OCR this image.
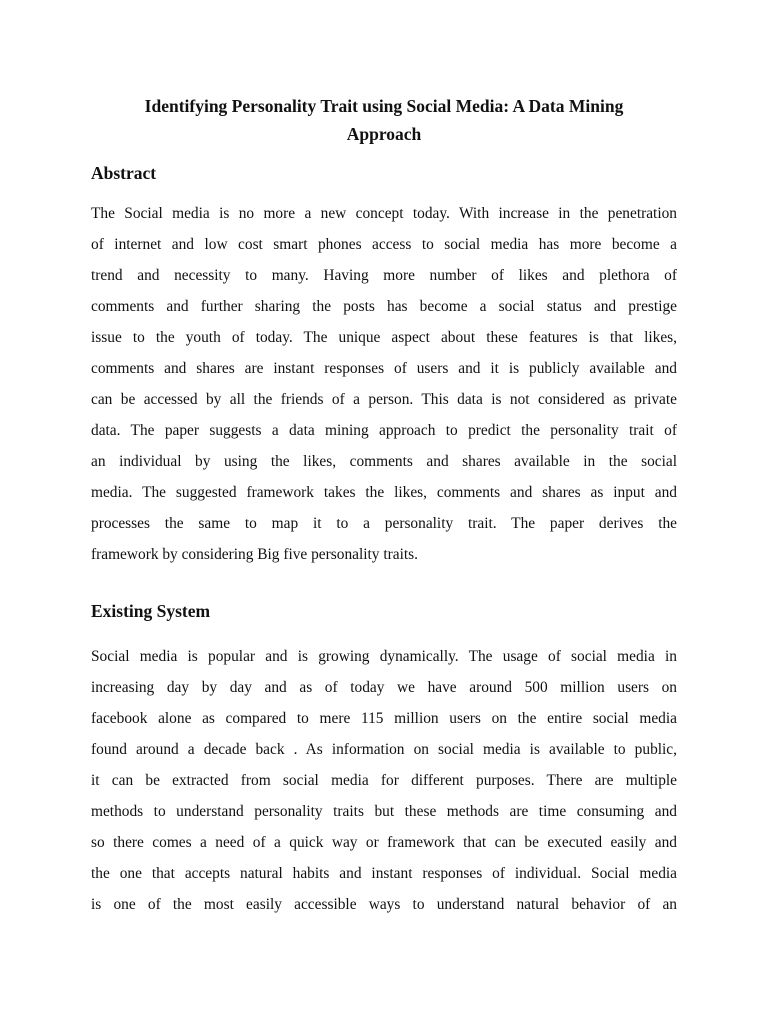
Identifying Personality Trait using Social Media: A Data Mining
Approach
Abstract
The Social media is no more a new concept today. With increase in the penetration
of internet and low cost smart phones access to social media has more become a
trend and necessity to many. Having more number of likes and plethora of
comments and further sharing the posts has become a social status and prestige
issue to the youth of today. The unique aspect about these features is that likes,
comments and shares are instant responses of users and it is publicly available and
can be accessed by all the friends of a person. This data is not considered as private
data. The paper suggests a data mining approach to predict the personality trait of
an individual by using the likes, comments and shares available in the social
media. The suggested framework takes the likes, comments and shares as input and
processes the same to map it to a personality trait. The paper derives the
framework by considering Big five personality traits.
Existing System
Social media is popular and is growing dynamically. The usage of social media in
increasing day by day and as of today we have around 500 million users on
facebook alone as compared to mere 115 million users on the entire social media
found around a decade back . As information on social media is available to public,
it can be extracted from social media for different purposes. There are multiple
methods to understand personality traits but these methods are time consuming and
so there comes a need of a quick way or framework that can be executed easily and
the one that accepts natural habits and instant responses of individual. Social media
is one of the most easily accessible ways to understand natural behavior of an
